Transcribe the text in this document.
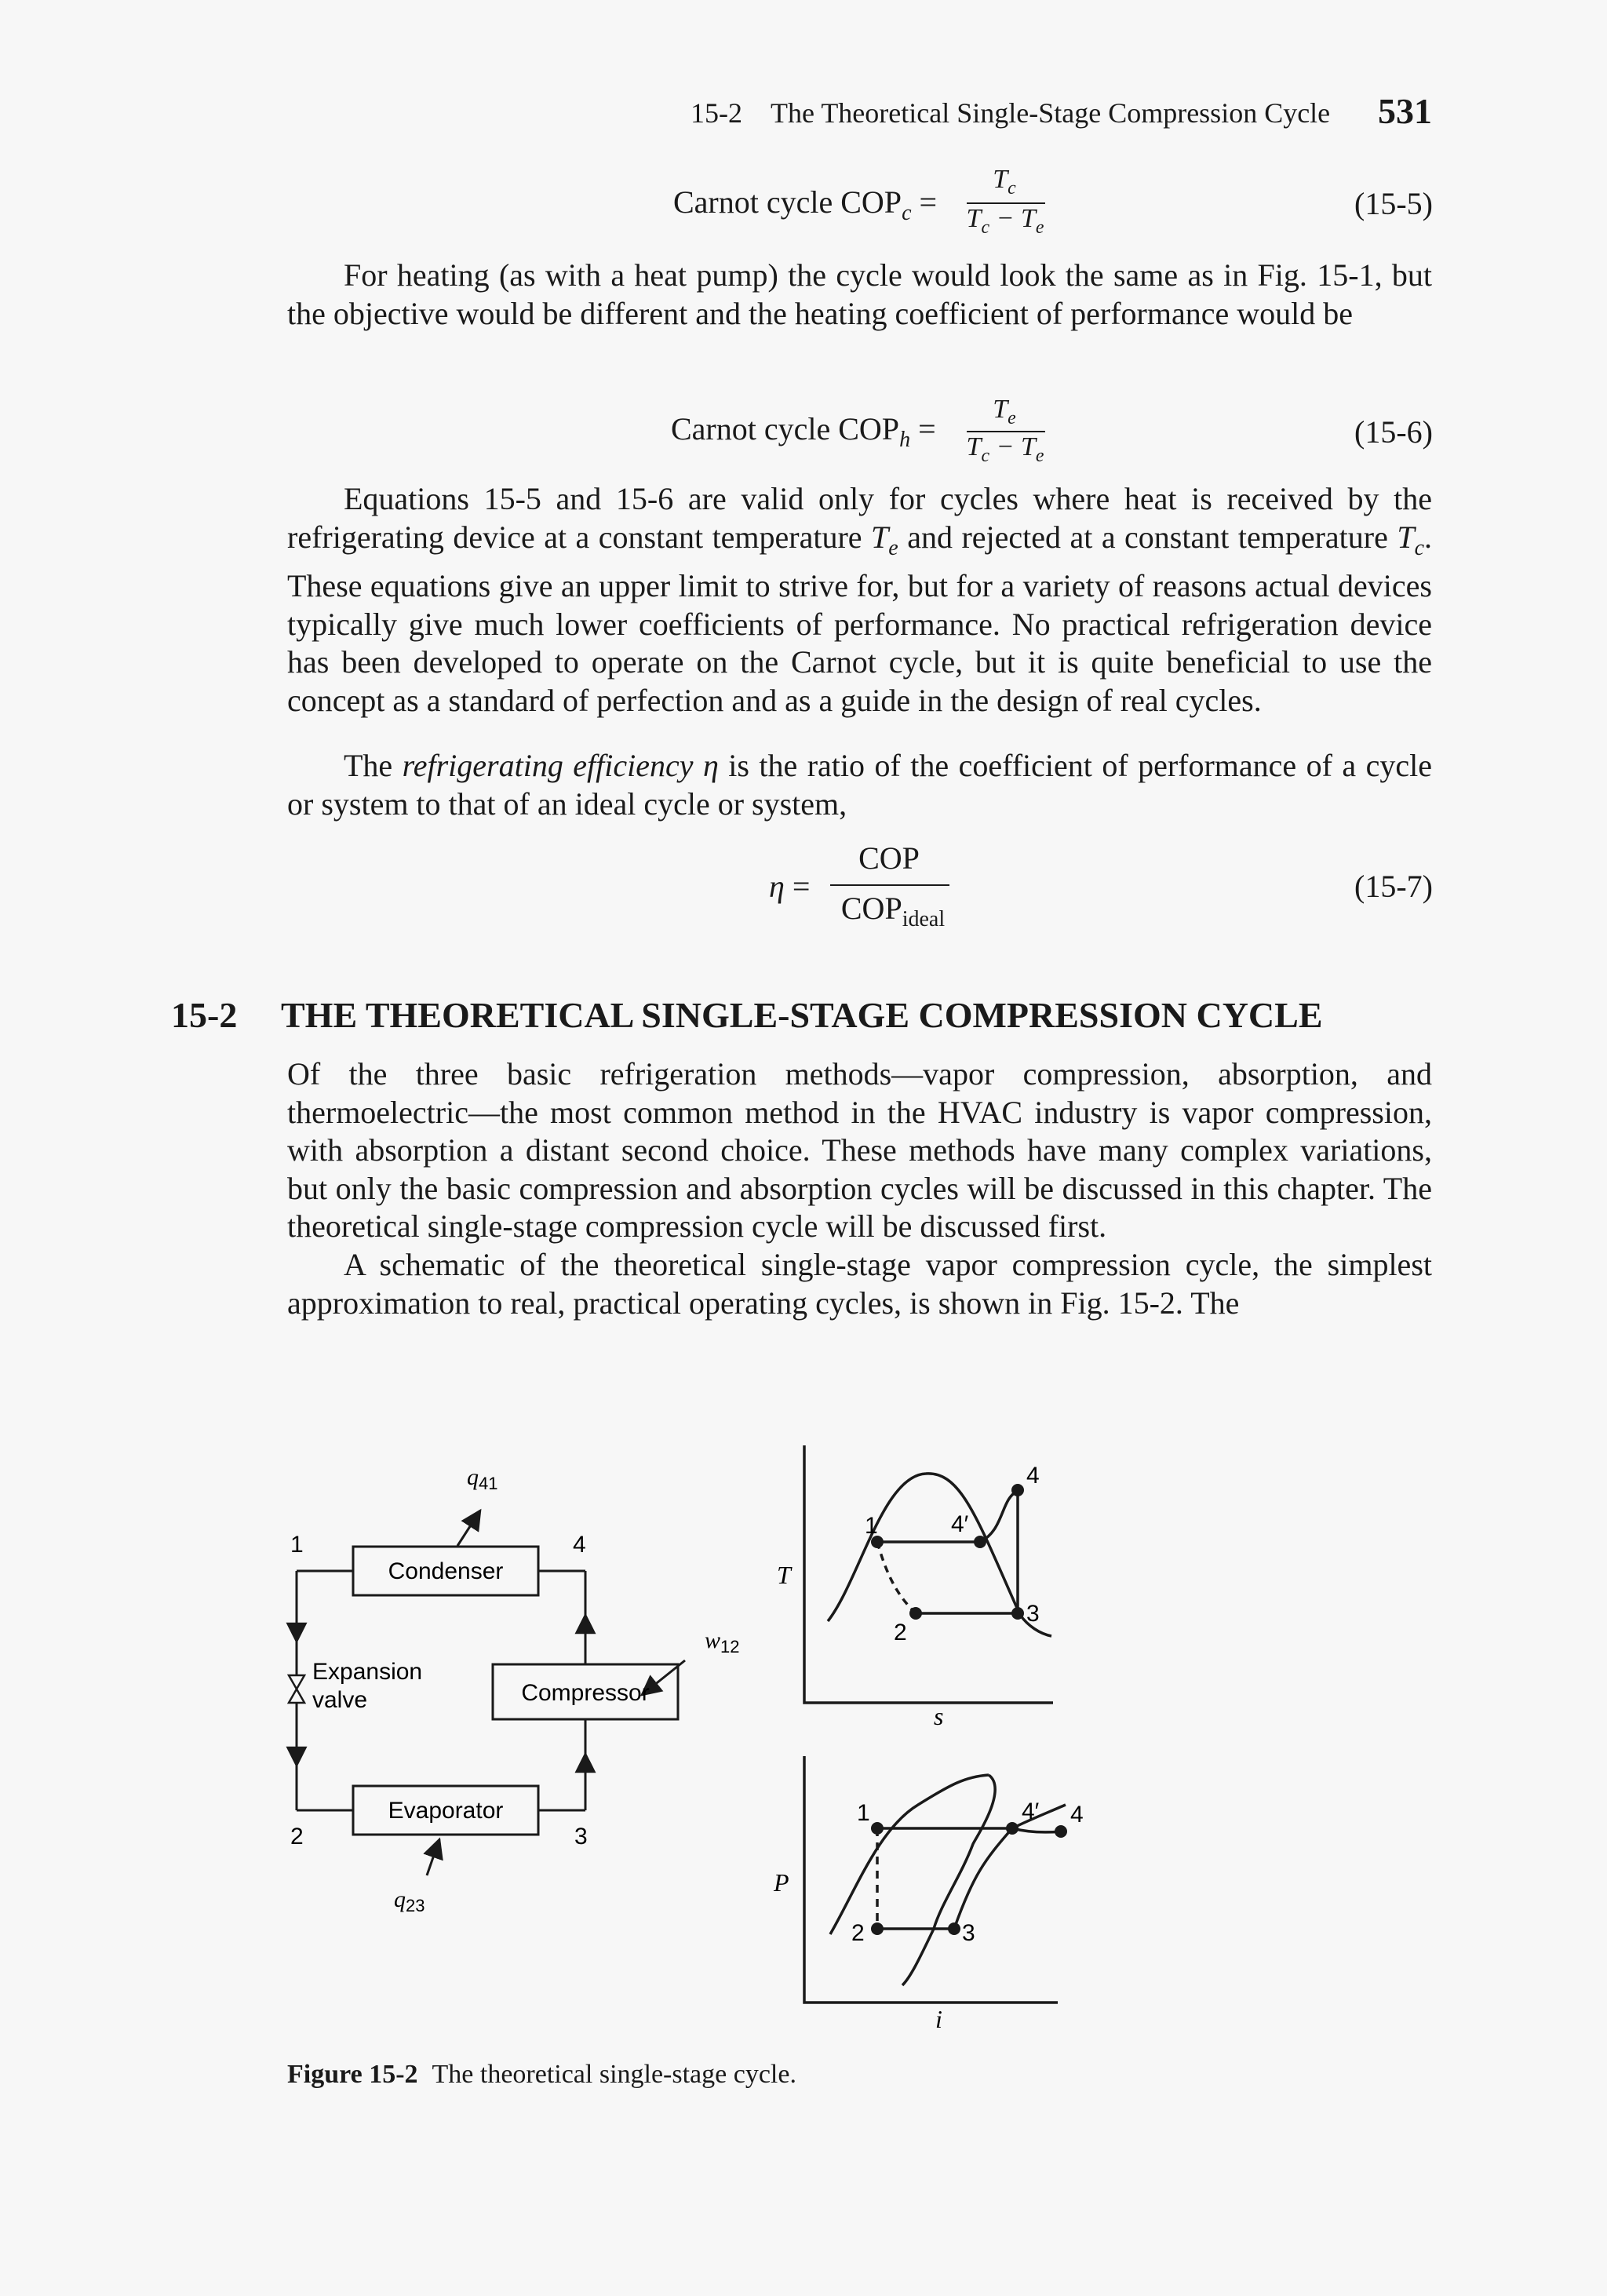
15-2 The Theoretical Single-Stage Compression Cycle 531
Carnot cycle $COP_c$ =
$T_c$
$T_c - T_e$
(15-5)

For heating (as with a heat pump) the cycle would look the same as in Fig. 15-1, but the objective would be different and the heating coefficient of performance would be

Carnot cycle $COP_h$ =
$T_e$
$T_c - T_e$
(15-6)

Equations 15-5 and 15-6 are valid only for cycles where heat is received by the refrigerating device at a constant temperature $T_e$ and rejected at a constant temperature $T_c$. These equations give an upper limit to strive for, but for a variety of reasons actual devices typically give much lower coefficients of performance. No practical refrigeration device has been developed to operate on the Carnot cycle, but it is quite beneficial to use the concept as a standard of perfection and as a guide in the design of real cycles.

The refrigerating efficiency η is the ratio of the coefficient of performance of a cycle or system to that of an ideal cycle or system,

η =
COP
$COP_{ideal}$
(15-7)
15-2 THE THEORETICAL SINGLE-STAGE COMPRESSION CYCLE

Of the three basic refrigeration methods—vapor compression, absorption, and thermoelectric—the most common method in the HVAC industry is vapor compression, with absorption a distant second choice. These methods have many complex variations, but only the basic compression and absorption cycles will be discussed in this chapter. The theoretical single-stage compression cycle will be discussed first.

A schematic of the theoretical single-stage vapor compression cycle, the simplest approximation to real, practical operating cycles, is shown in Fig. 15-2. The

Condenser
Compressor
Evaporator
Expansion
valve
1	4
2	3
$q_{41}$
$w_{12}$
$q_{23}$
T
s
1	4′
4
2
3
P
i
1	4′ 4
2	3
Figure 15-2 The theoretical single-stage cycle.
